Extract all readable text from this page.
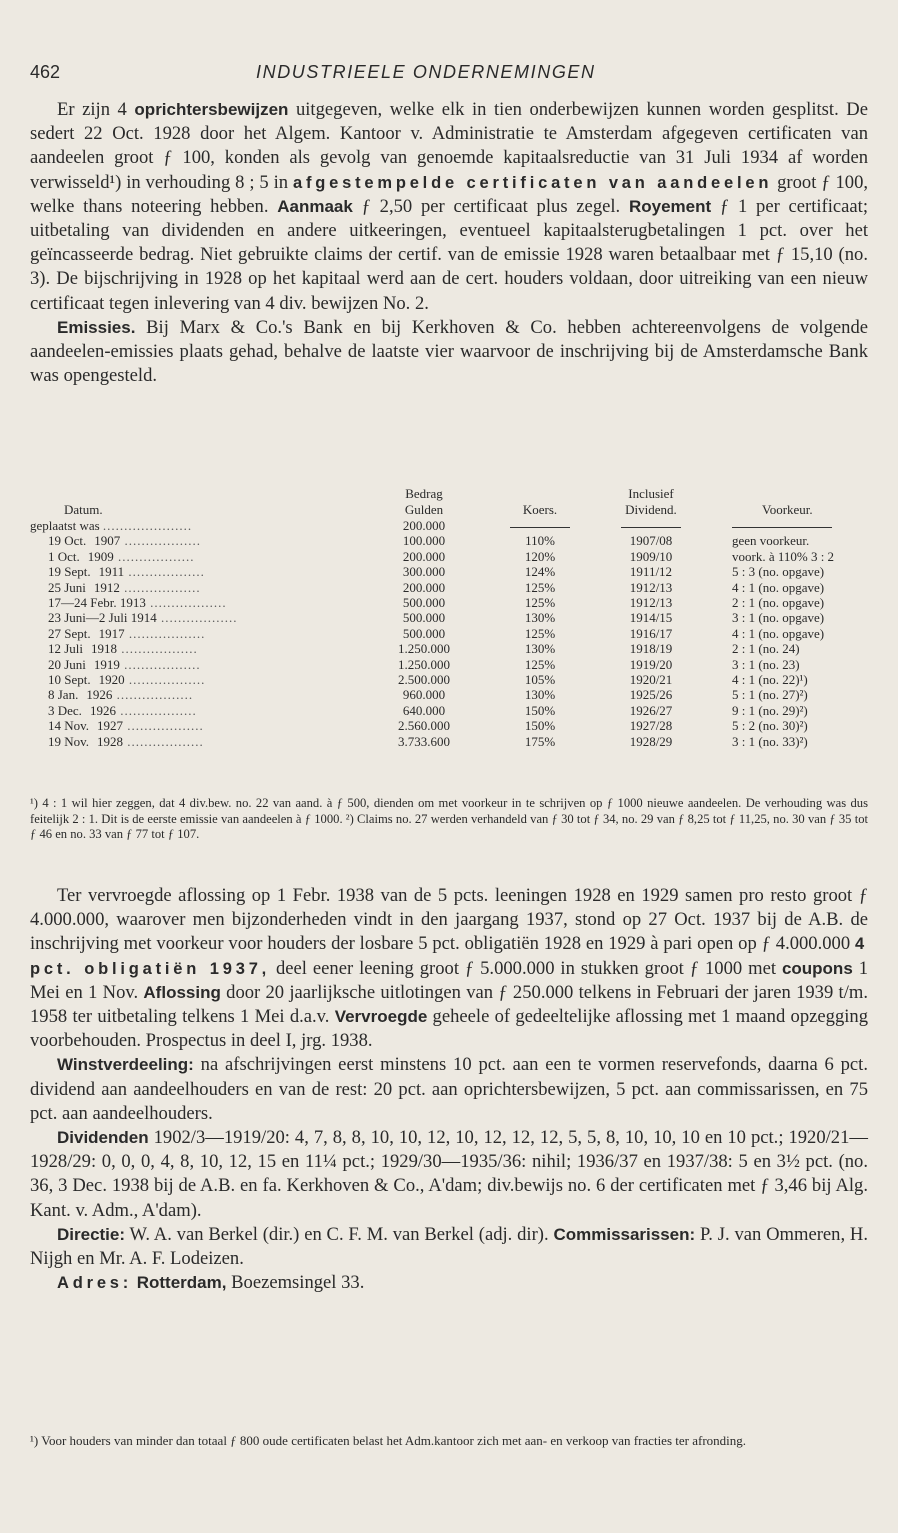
462	INDUSTRIEELE ONDERNEMINGEN

Er zijn 4 oprichtersbewijzen uitgegeven, welke elk in tien onderbewijzen kunnen worden gesplitst. De sedert 22 Oct. 1928 door het Algem. Kantoor v. Administratie te Amsterdam afgegeven certificaten van aandeelen groot ƒ 100, konden als gevolg van genoemde kapitaalsreductie van 31 Juli 1934 af worden verwisseld¹) in verhouding 8 ; 5 in afgestempelde certificaten van aandeelen groot ƒ 100, welke thans noteering hebben. Aanmaak ƒ 2,50 per certificaat plus zegel. Royement ƒ 1 per certificaat; uitbetaling van dividenden en andere uitkeeringen, eventueel kapitaalsterugbetalingen 1 pct. over het geïncasseerde bedrag. Niet gebruikte claims der certif. van de emissie 1928 waren betaalbaar met ƒ 15,10 (no. 3). De bijschrijving in 1928 op het kapitaal werd aan de cert. houders voldaan, door uitreiking van een nieuw certificaat tegen inlevering van 4 div. bewijzen No. 2.

Emissies. Bij Marx & Co.'s Bank en bij Kerkhoven & Co. hebben achtereenvolgens de volgende aandeelen-emissies plaats gehad, behalve de laatste vier waarvoor de inschrijving bij de Amsterdamsche Bank was opengesteld.

	Bedrag		Inclusief	
Datum.	Gulden	Koers.	Dividend.	Voorkeur.
geplaatst was .....................	200.000			
19 Oct. 1907 ..................	100.000	110%	1907/08	geen voorkeur.
1 Oct. 1909 ..................	200.000	120%	1909/10	voork. à 110% 3 : 2
19 Sept. 1911 ..................	300.000	124%	1911/12	5 : 3 (no. opgave)
25 Juni 1912 ..................	200.000	125%	1912/13	4 : 1 (no. opgave)
17—24 Febr. 1913 ..................	500.000	125%	1912/13	2 : 1 (no. opgave)
23 Juni—2 Juli 1914 ..................	500.000	130%	1914/15	3 : 1 (no. opgave)
27 Sept. 1917 ..................	500.000	125%	1916/17	4 : 1 (no. opgave)
12 Juli 1918 ..................	1.250.000	130%	1918/19	2 : 1 (no. 24)
20 Juni 1919 ..................	1.250.000	125%	1919/20	3 : 1 (no. 23)
10 Sept. 1920 ..................	2.500.000	105%	1920/21	4 : 1 (no. 22)¹)
8 Jan. 1926 ..................	960.000	130%	1925/26	5 : 1 (no. 27)²)
3 Dec. 1926 ..................	640.000	150%	1926/27	9 : 1 (no. 29)²)
14 Nov. 1927 ..................	2.560.000	150%	1927/28	5 : 2 (no. 30)²)
19 Nov. 1928 ..................	3.733.600	175%	1928/29	3 : 1 (no. 33)²)

¹) 4 : 1 wil hier zeggen, dat 4 div.bew. no. 22 van aand. à ƒ 500, dienden om met voorkeur in te schrijven op ƒ 1000 nieuwe aandeelen. De verhouding was dus feitelijk 2 : 1. Dit is de eerste emissie van aandeelen à ƒ 1000. ²) Claims no. 27 werden verhandeld van ƒ 30 tot ƒ 34, no. 29 van ƒ 8,25 tot ƒ 11,25, no. 30 van ƒ 35 tot ƒ 46 en no. 33 van ƒ 77 tot ƒ 107.

Ter vervroegde aflossing op 1 Febr. 1938 van de 5 pcts. leeningen 1928 en 1929 samen pro resto groot ƒ 4.000.000, waarover men bijzonderheden vindt in den jaargang 1937, stond op 27 Oct. 1937 bij de A.B. de inschrijving met voorkeur voor houders der losbare 5 pct. obligatiën 1928 en 1929 à pari open op ƒ 4.000.000 4 pct. obligatiën 1937, deel eener leening groot ƒ 5.000.000 in stukken groot ƒ 1000 met coupons 1 Mei en 1 Nov. Aflossing door 20 jaarlijksche uitlotingen van ƒ 250.000 telkens in Februari der jaren 1939 t/m. 1958 ter uitbetaling telkens 1 Mei d.a.v. Vervroegde geheele of gedeeltelijke aflossing met 1 maand opzegging voorbehouden. Prospectus in deel I, jrg. 1938.

Winstverdeeling: na afschrijvingen eerst minstens 10 pct. aan een te vormen reservefonds, daarna 6 pct. dividend aan aandeelhouders en van de rest: 20 pct. aan oprichtersbewijzen, 5 pct. aan commissarissen, en 75 pct. aan aandeelhouders.

Dividenden 1902/3—1919/20: 4, 7, 8, 8, 10, 10, 12, 10, 12, 12, 12, 5, 5, 8, 10, 10, 10 en 10 pct.; 1920/21—1928/29: 0, 0, 0, 4, 8, 10, 12, 15 en 11¼ pct.; 1929/30—1935/36: nihil; 1936/37 en 1937/38: 5 en 3½ pct. (no. 36, 3 Dec. 1938 bij de A.B. en fa. Kerkhoven & Co., A'dam; div.bewijs no. 6 der certificaten met ƒ 3,46 bij Alg. Kant. v. Adm., A'dam).

Directie: W. A. van Berkel (dir.) en C. F. M. van Berkel (adj. dir). Commissarissen: P. J. van Ommeren, H. Nijgh en Mr. A. F. Lodeizen.

Adres: Rotterdam, Boezemsingel 33.

¹) Voor houders van minder dan totaal ƒ 800 oude certificaten belast het Adm.kantoor zich met aan- en verkoop van fracties ter afronding.
